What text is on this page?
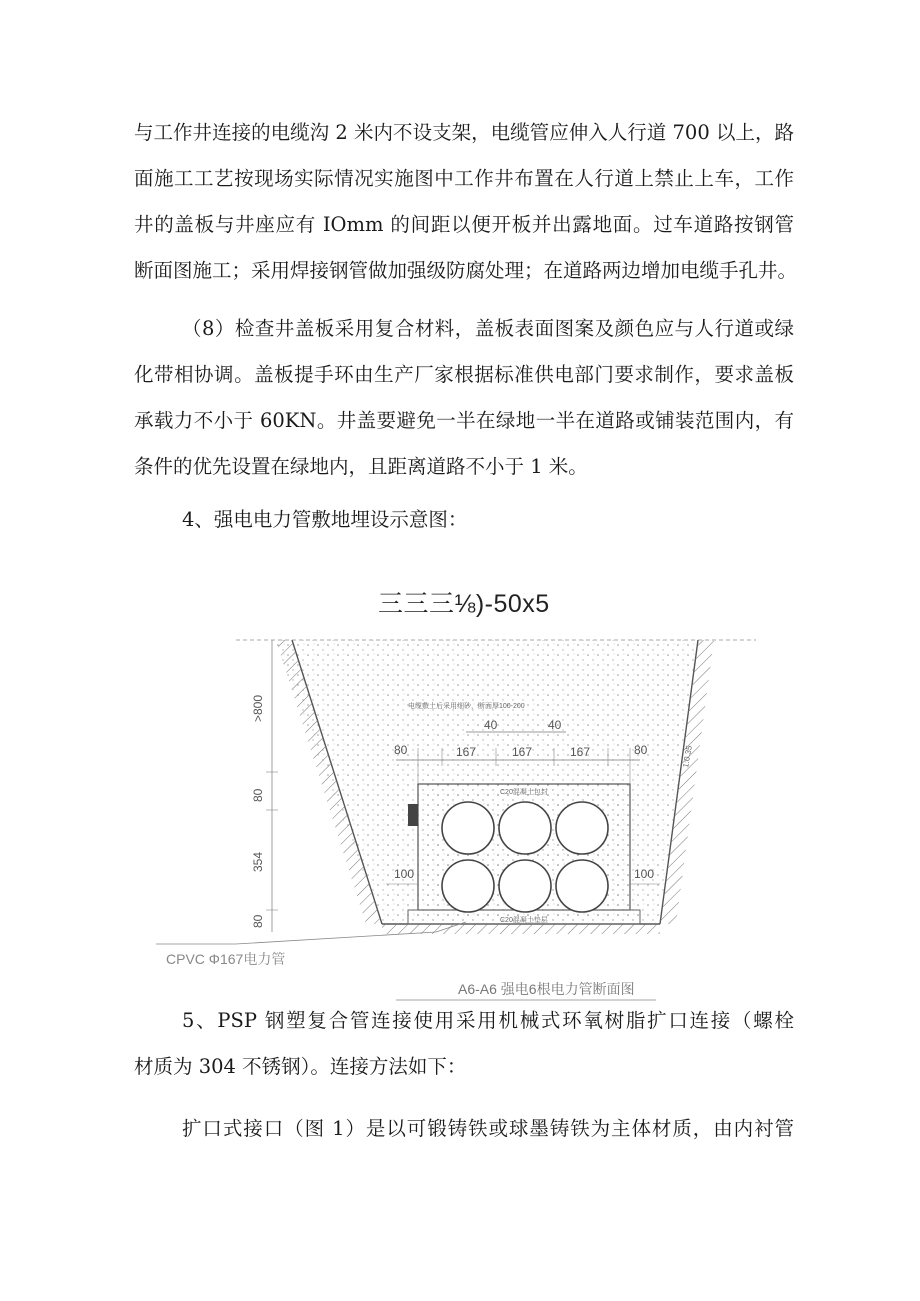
与工作井连接的电缆沟 2 米内不设支架，电缆管应伸入人行道 700 以上，路
面施工工艺按现场实际情况实施图中工作井布置在人行道上禁止上车，工作
井的盖板与井座应有 IOmm 的间距以便开板并出露地面。过车道路按钢管
断面图施工；采用焊接钢管做加强级防腐处理；在道路两边增加电缆手孔井。

（8）检查井盖板采用复合材料，盖板表面图案及颜色应与人行道或绿
化带相协调。盖板提手环由生产厂家根据标准供电部门要求制作，要求盖板
承载力不小于 60KN。井盖要避免一半在绿地一半在道路或铺装范围内，有
条件的优先设置在绿地内，且距离道路不小于 1 米。

4、强电电力管敷地埋设示意图：

三三三⅛)-50x5
电缆敷土后采用细砂，断面厚100-200
40	40
80	167	167	167	80
>800
80
354
80
100	100
1:0.35
C20混凝土包封
C20混凝土垫层
CPVC Φ167电力管
A6-A6 强电6根电力管断面图

5、PSP 钢塑复合管连接使用采用机械式环氧树脂扩口连接（螺栓
材质为 304 不锈钢）。连接方法如下：

扩口式接口（图 1）是以可锻铸铁或球墨铸铁为主体材质，由内衬管
